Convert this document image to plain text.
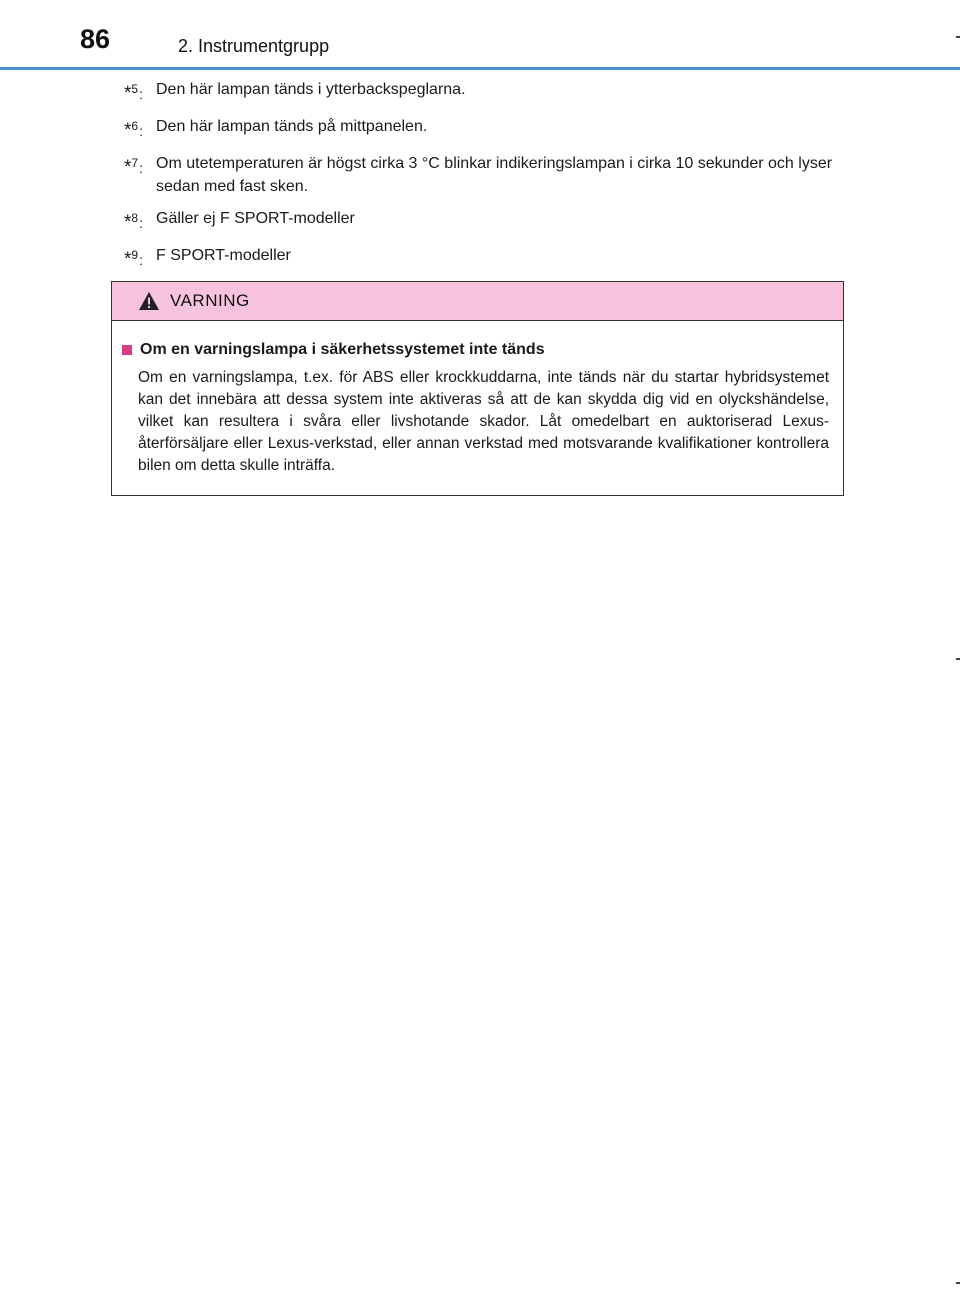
86	2. Instrumentgrupp
*$^5$: Den här lampan tänds i ytterbackspeglarna.
*$^6$: Den här lampan tänds på mittpanelen.
*$^7$: Om utetemperaturen är högst cirka 3 °C blinkar indikeringslampan i cirka 10 sekunder och lyser sedan med fast sken.
*$^8$: Gäller ej F SPORT-modeller
*$^9$: F SPORT-modeller
VARNING
Om en varningslampa i säkerhetssystemet inte tänds
Om en varningslampa, t.ex. för ABS eller krockkuddarna, inte tänds när du startar hybridsystemet kan det innebära att dessa system inte aktiveras så att de kan skydda dig vid en olyckshändelse, vilket kan resultera i svåra eller livshotande skador. Låt omedelbart en auktoriserad Lexus-återförsäljare eller Lexus-verkstad, eller annan verkstad med motsvarande kvalifikationer kontrollera bilen om detta skulle inträffa.
